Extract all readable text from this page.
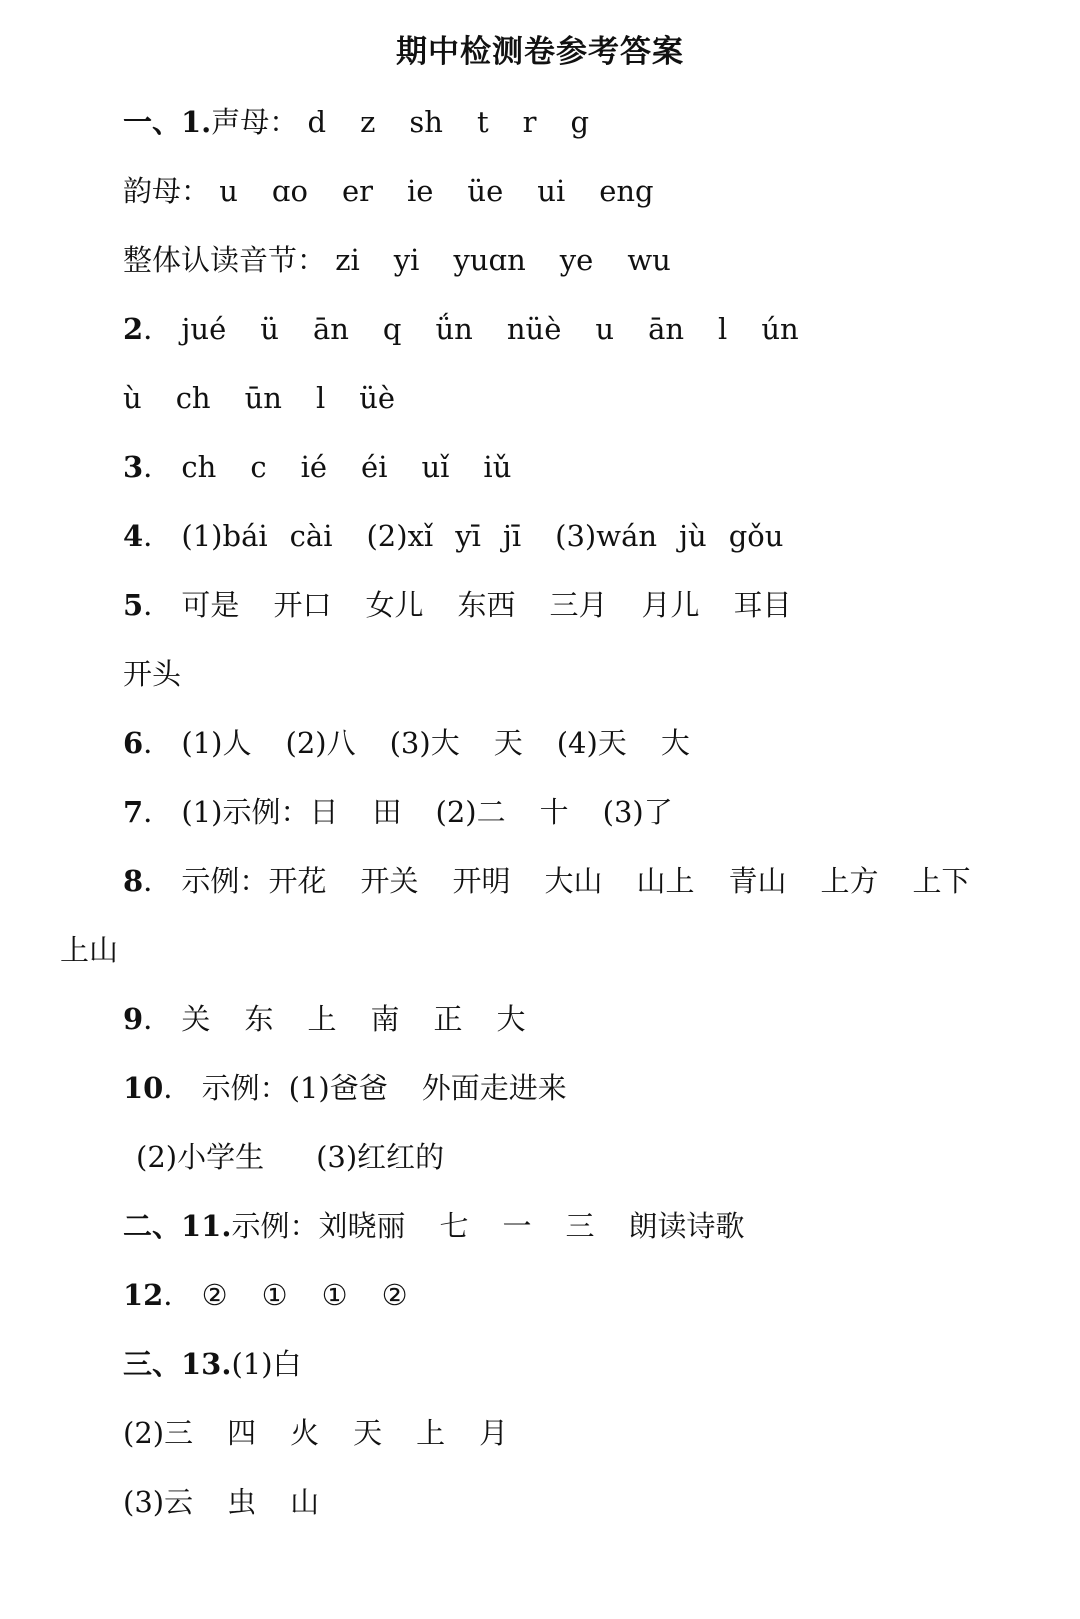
期中检测卷参考答案
一、1.声母： d z sh t r g
韵母： u ɑo er ie üe ui eng
整体认读音节： zi yi yuɑn ye wu
2． jué ü ān q ǘn nüè u ān l ún
ù ch ūn l üè
3． ch c ié éi uǐ iǔ
4． (1)bái cài (2)xǐ yī jī (3)wán jù gǒu
5． 可是 开口 女儿 东西 三月 月儿 耳目
开头
6． (1)人 (2)八 (3)大 天 (4)天 大
7． (1)示例：日 田 (2)二 十 (3)了
8． 示例：开花 开关 开明 大山 山上 青山 上方 上下
上山
9． 关 东 上 南 正 大
10． 示例：(1)爸爸 外面走进来
(2)小学生 (3)红红的
二、11.示例：刘晓丽 七 一 三 朗读诗歌
12． ② ① ① ②
三、13.(1)白
(2)三 四 火 天 上 月
(3)云 虫 山
